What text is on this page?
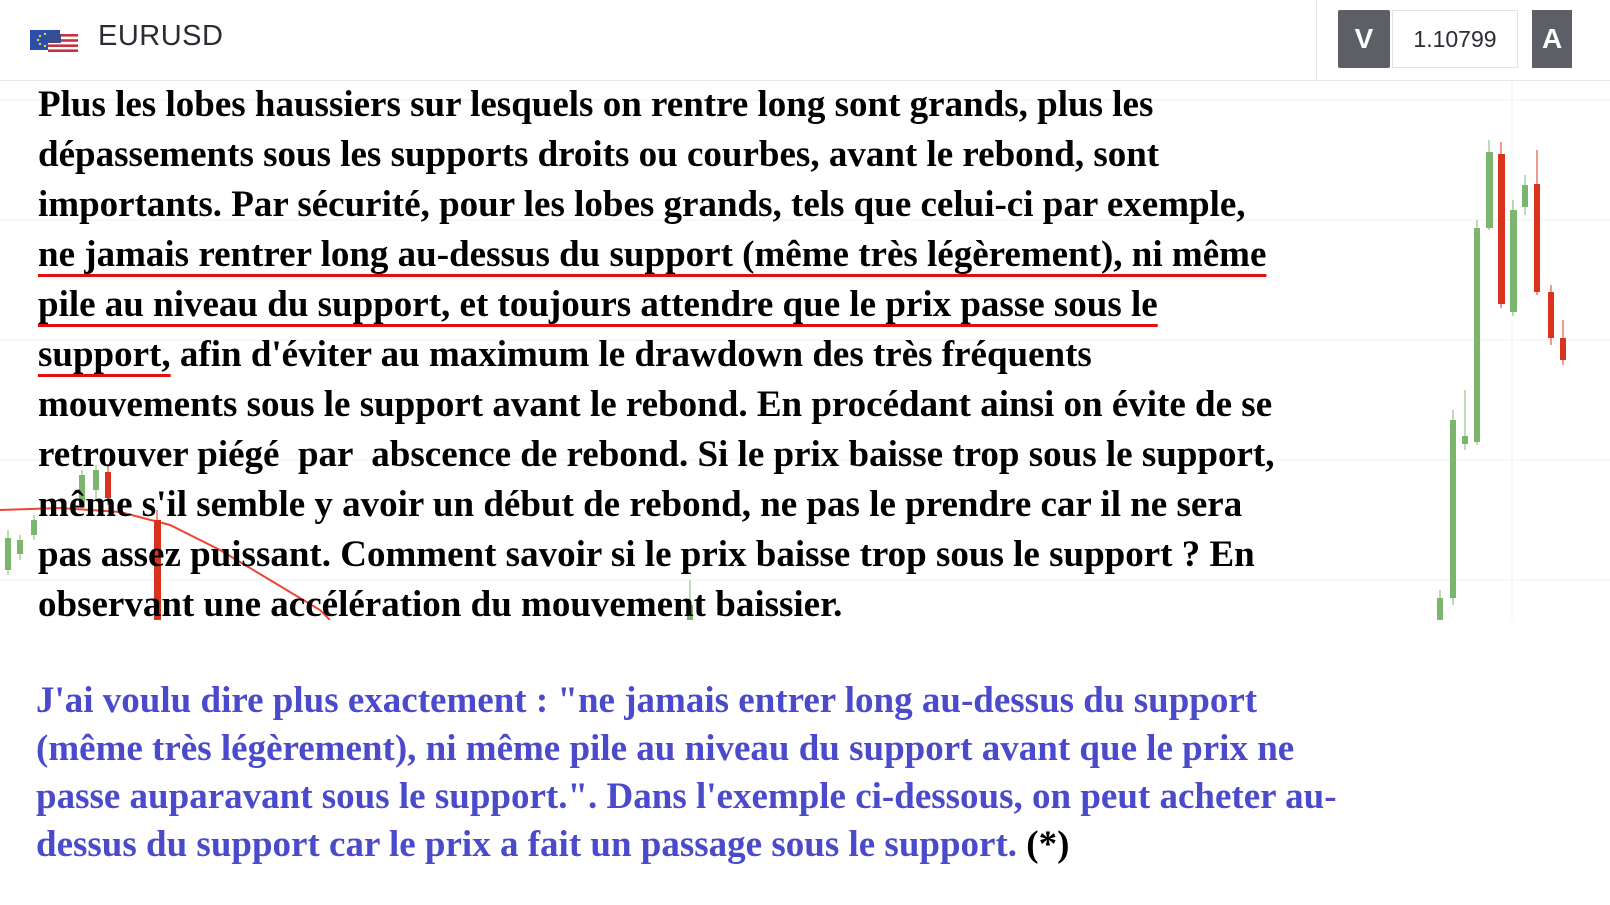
EURUSD	V	1.10799	A
Plus les lobes haussiers sur lesquels on rentre long sont grands, plus les
dépassements sous les supports droits ou courbes, avant le rebond, sont
importants. Par sécurité, pour les lobes grands, tels que celui-ci par exemple,
ne jamais rentrer long au-dessus du support (même très légèrement), ni même
pile au niveau du support, et toujours attendre que le prix passe sous le
support, afin d'éviter au maximum le drawdown des très fréquents
mouvements sous le support avant le rebond. En procédant ainsi on évite de se
retrouver piégé  par  abscence de rebond. Si le prix baisse trop sous le support,
même s'il semble y avoir un début de rebond, ne pas le prendre car il ne sera
pas assez puissant. Comment savoir si le prix baisse trop sous le support ? En
observant une accélération du mouvement baissier.
J'ai voulu dire plus exactement : "ne jamais entrer long au-dessus du support
(même très légèrement), ni même pile au niveau du support avant que le prix ne
passe auparavant sous le support.". Dans l'exemple ci-dessous, on peut acheter au-
dessus du support car le prix a fait un passage sous le support. (*)
